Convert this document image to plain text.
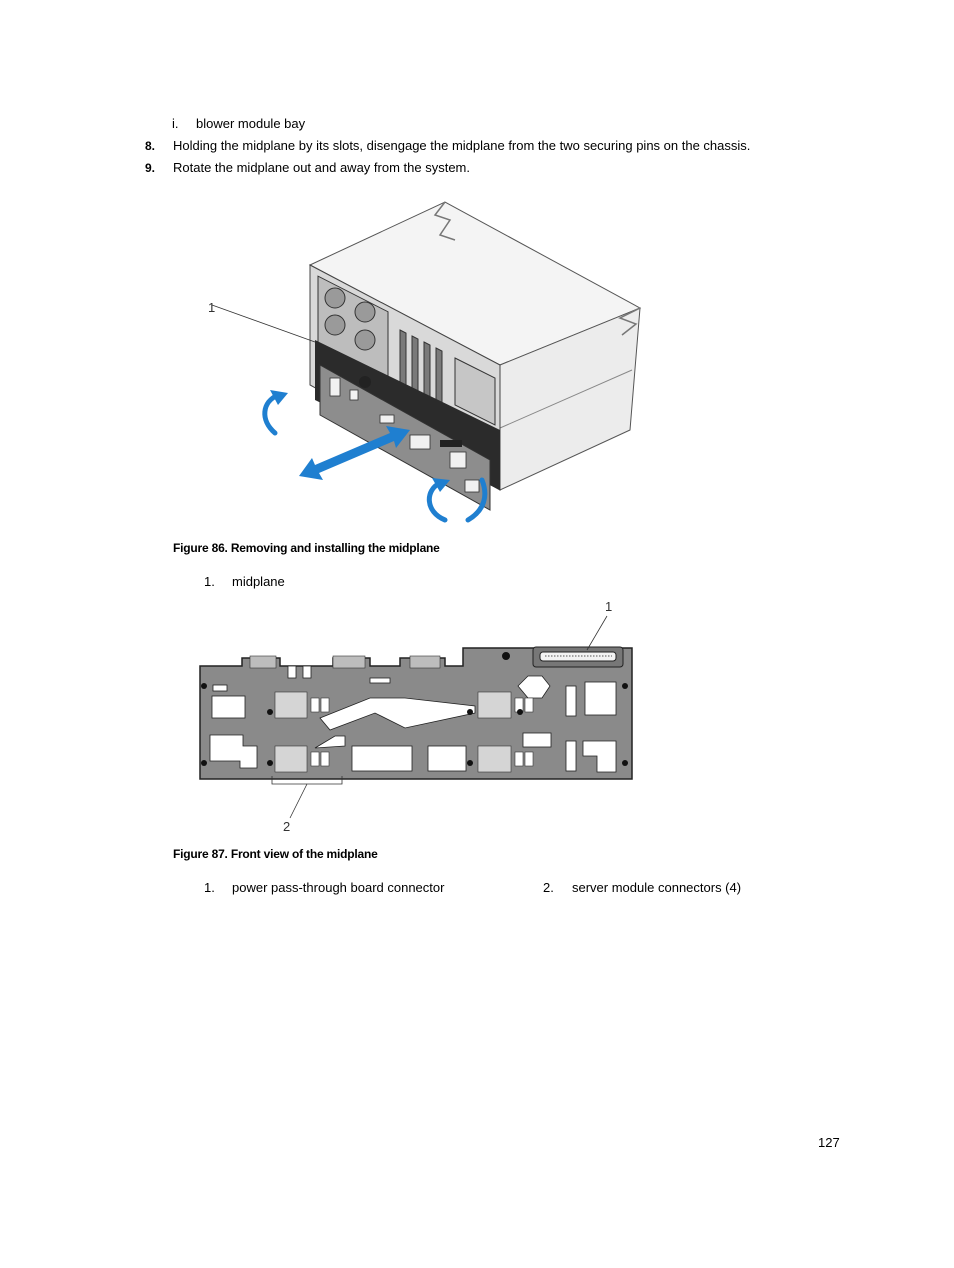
i. blower module bay
8. Holding the midplane by its slots, disengage the midplane from the two securing pins on the chassis.
9. Rotate the midplane out and away from the system.
1
Figure 86. Removing and installing the midplane
1. midplane
1
2
Figure 87. Front view of the midplane
1. power pass-through board connector	2. server module connectors (4)
127
